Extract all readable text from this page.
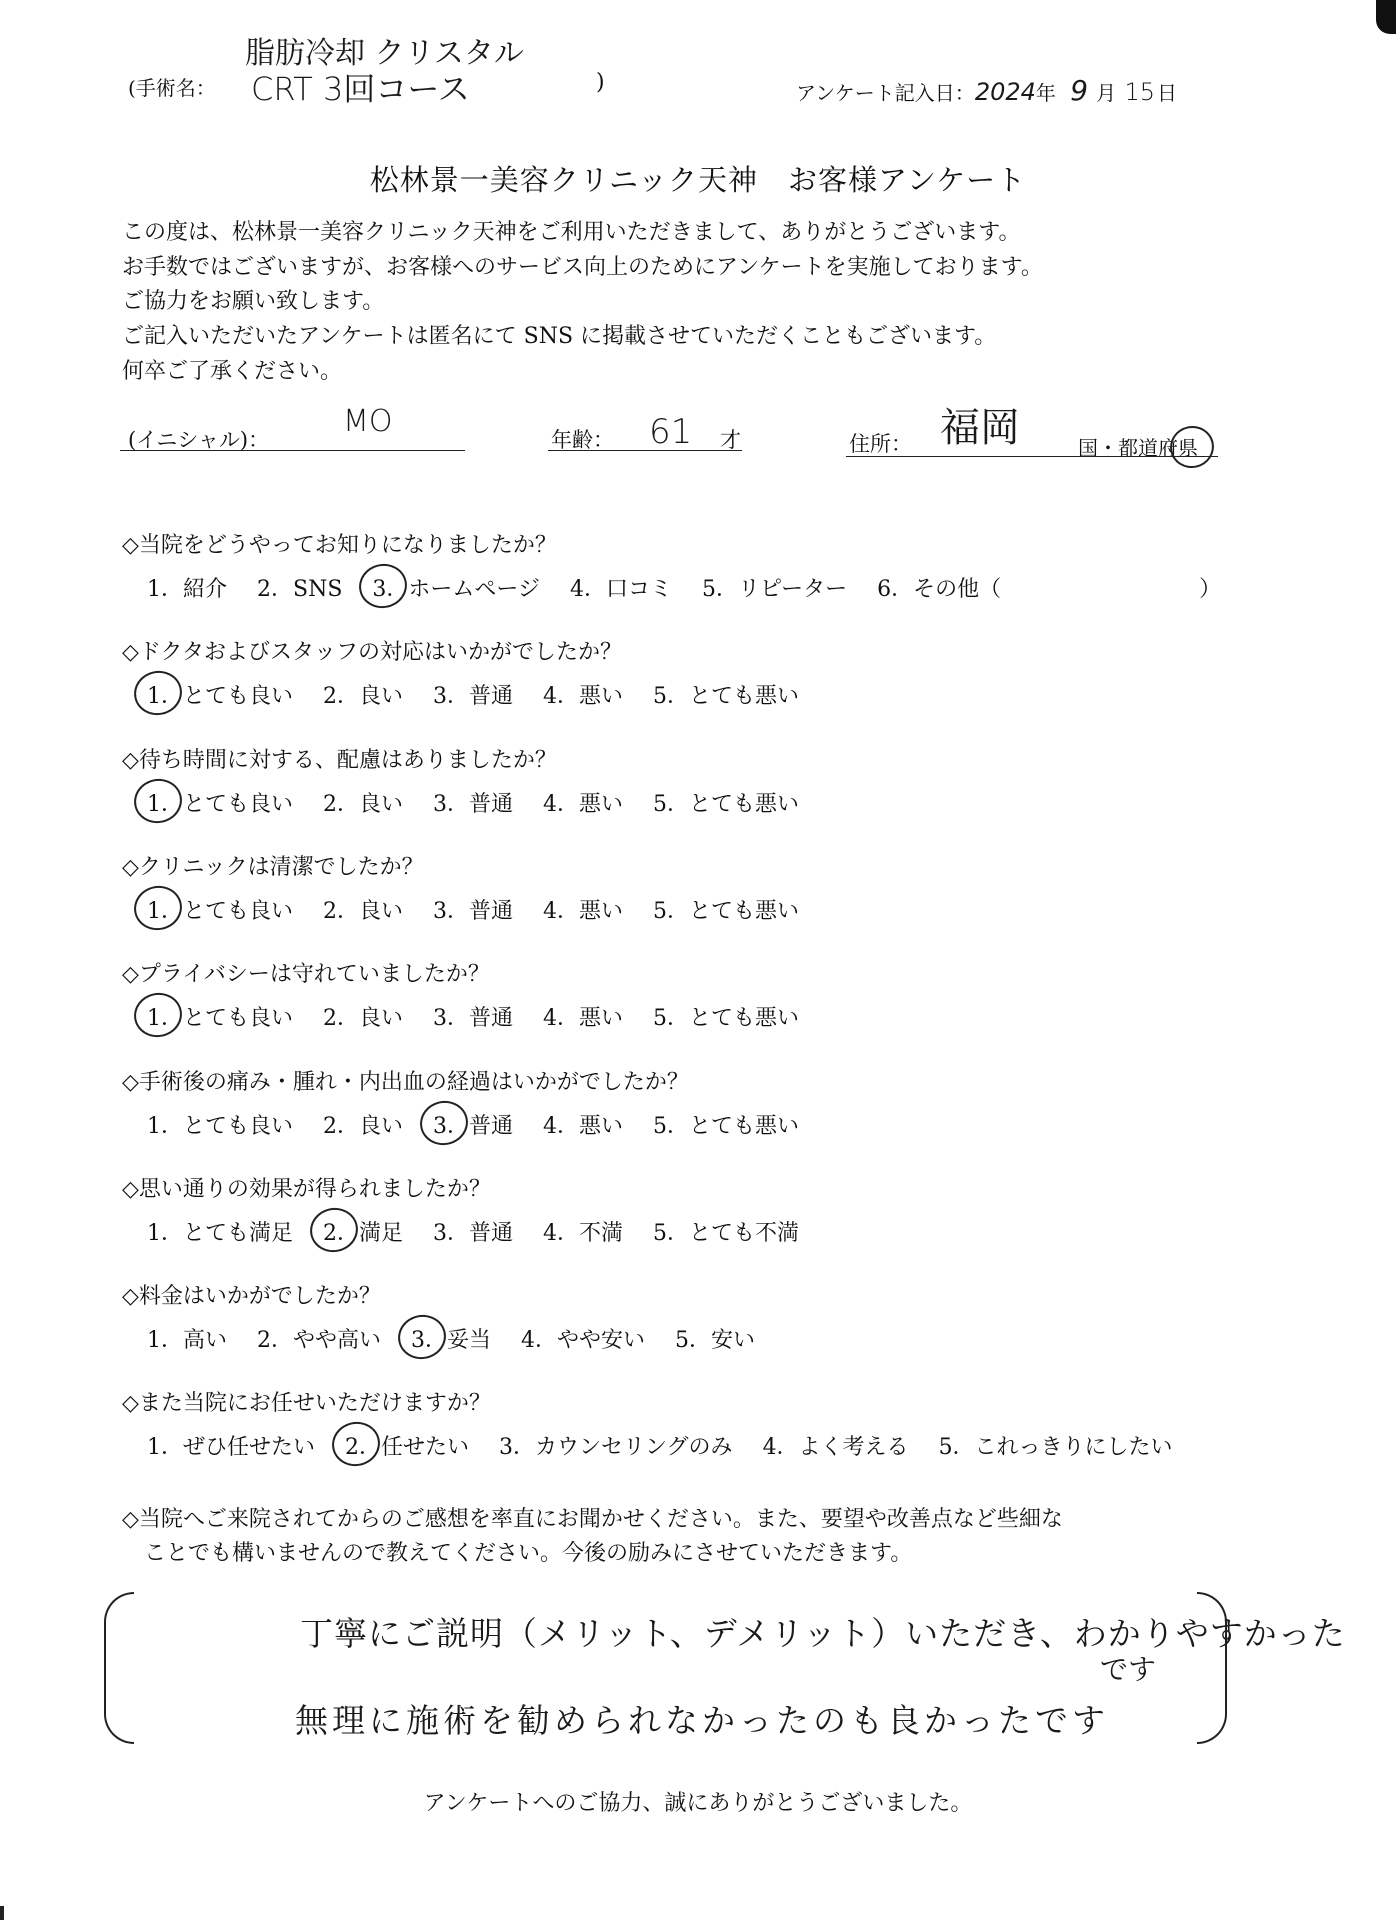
脂肪冷却 クリスタル
(手術名： CRT 3回コース	)	アンケート記入日：2024年 9 月 15 日
松林景一美容クリニック天神　お客様アンケート
この度は、松林景一美容クリニック天神をご利用いただきまして、ありがとうございます。
お手数ではございますが、お客様へのサービス向上のためにアンケートを実施しております。
ご協力をお願い致します。
ご記入いただいたアンケートは匿名にて SNS に掲載させていただくこともございます。
何卒ご了承ください。
(イニシャル)：
MO
年齢： 61 才	住所： 福岡	国・都道府県
◇当院をどうやってお知りになりましたか？
1．紹介 2．SNS 3．ホームページ 4．口コミ 5．リピーター 6．その他（　　　　　　　　　）
◇ドクタおよびスタッフの対応はいかがでしたか？
1．とても良い 2．良い 3．普通 4．悪い 5．とても悪い
◇待ち時間に対する、配慮はありましたか？
1．とても良い 2．良い 3．普通 4．悪い 5．とても悪い
◇クリニックは清潔でしたか？
1．とても良い 2．良い 3．普通 4．悪い 5．とても悪い
◇プライバシーは守れていましたか？
1．とても良い 2．良い 3．普通 4．悪い 5．とても悪い
◇手術後の痛み・腫れ・内出血の経過はいかがでしたか？
1．とても良い 2．良い 3．普通 4．悪い 5．とても悪い
◇思い通りの効果が得られましたか？
1．とても満足 2．満足 3．普通 4．不満 5．とても不満
◇料金はいかがでしたか？
1．高い 2．やや高い 3．妥当 4．やや安い 5．安い
◇また当院にお任せいただけますか？
1．ぜひ任せたい 2．任せたい 3．カウンセリングのみ 4．よく考える 5．これっきりにしたい
◇当院へご来院されてからのご感想を率直にお聞かせください。また、要望や改善点など些細な
　ことでも構いませんので教えてください。今後の励みにさせていただきます。
丁寧にご説明（メリット、デメリット）いただき、わかりやすかった
です
無理に施術を勧められなかったのも良かったです
アンケートへのご協力、誠にありがとうございました。
